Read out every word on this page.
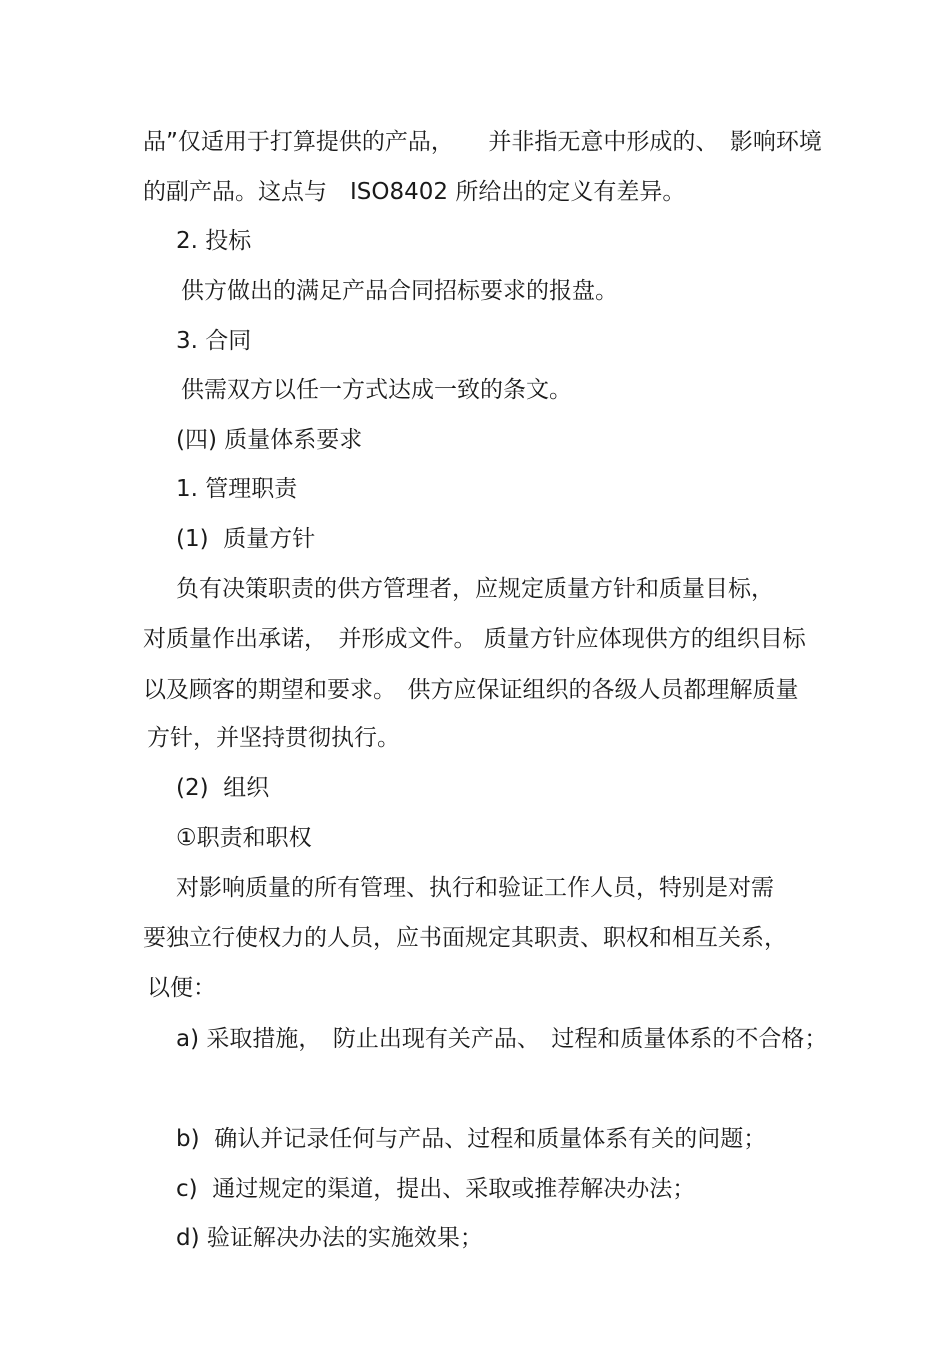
品”仅适用于打算提供的产品，　　并非指无意中形成的、　影响环境
的副产品。这点与　ISO8402 所给出的定义有差异。
2. 投标
供方做出的满足产品合同招标要求的报盘。
3. 合同
供需双方以任一方式达成一致的条文。
(四) 质量体系要求
1. 管理职责
(1)  质量方针
负有决策职责的供方管理者，应规定质量方针和质量目标，
对质量作出承诺，　并形成文件。 质量方针应体现供方的组织目标
以及顾客的期望和要求。　供方应保证组织的各级人员都理解质量
方针，并坚持贯彻执行。
(2)  组织
①职责和职权
对影响质量的所有管理、执行和验证工作人员，特别是对需
要独立行使权力的人员，应书面规定其职责、职权和相互关系，
以便：
a) 采取措施，　防止出现有关产品、　过程和质量体系的不合格；
b)  确认并记录任何与产品、过程和质量体系有关的问题；
c)  通过规定的渠道，提出、采取或推荐解决办法；
d) 验证解决办法的实施效果；
